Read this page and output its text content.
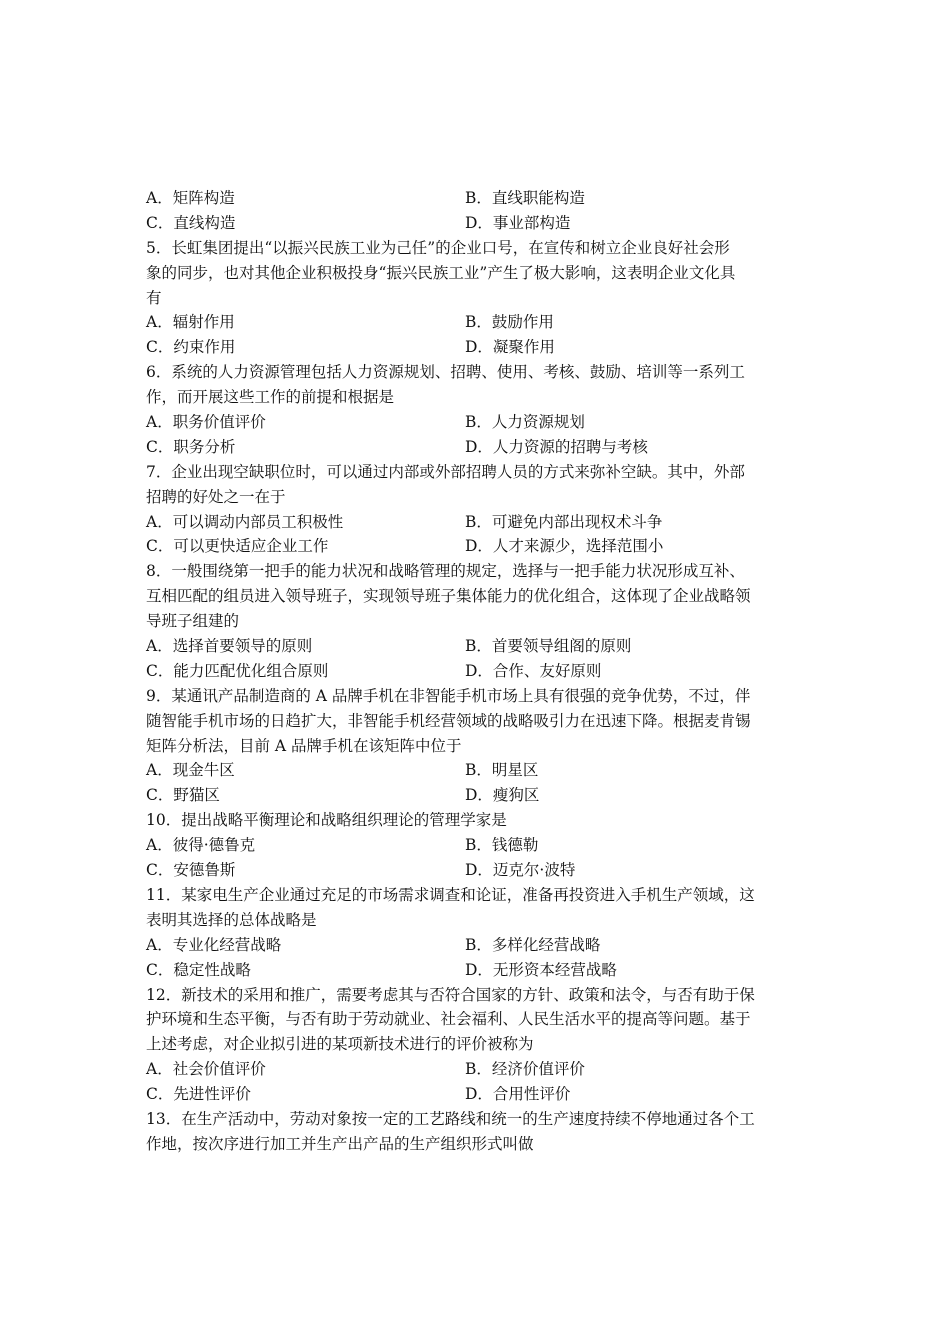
A．矩阵构造	B．直线职能构造
C．直线构造	D．事业部构造
5．长虹集团提出“以振兴民族工业为己任”的企业口号，在宣传和树立企业良好社会形
象的同步，也对其他企业积极投身“振兴民族工业”产生了极大影响，这表明企业文化具
有
A．辐射作用	B．鼓励作用
C．约束作用	D．凝聚作用
6．系统的人力资源管理包括人力资源规划、招聘、使用、考核、鼓励、培训等一系列工
作，而开展这些工作的前提和根据是
A．职务价值评价	B．人力资源规划
C．职务分析	D．人力资源的招聘与考核
7．企业出现空缺职位时，可以通过内部或外部招聘人员的方式来弥补空缺。其中，外部
招聘的好处之一在于
A．可以调动内部员工积极性	B．可避免内部出现权术斗争
C．可以更快适应企业工作	D．人才来源少，选择范围小
8．一般围绕第一把手的能力状况和战略管理的规定，选择与一把手能力状况形成互补、
互相匹配的组员进入领导班子，实现领导班子集体能力的优化组合，这体现了企业战略领
导班子组建的
A．选择首要领导的原则	B．首要领导组阁的原则
C．能力匹配优化组合原则	D．合作、友好原则
9．某通讯产品制造商的 A 品牌手机在非智能手机市场上具有很强的竞争优势，不过，伴
随智能手机市场的日趋扩大，非智能手机经营领域的战略吸引力在迅速下降。根据麦肯锡
矩阵分析法，目前 A 品牌手机在该矩阵中位于
A．现金牛区	B．明星区
C．野猫区	D．瘦狗区
10．提出战略平衡理论和战略组织理论的管理学家是
A．彼得·德鲁克	B．钱德勒
C．安德鲁斯	D．迈克尔·波特
11．某家电生产企业通过充足的市场需求调查和论证，准备再投资进入手机生产领域，这
表明其选择的总体战略是
A．专业化经营战略	B．多样化经营战略
C．稳定性战略	D．无形资本经营战略
12．新技术的采用和推广，需要考虑其与否符合国家的方针、政策和法令，与否有助于保
护环境和生态平衡，与否有助于劳动就业、社会福利、人民生活水平的提高等问题。基于
上述考虑，对企业拟引进的某项新技术进行的评价被称为
A．社会价值评价	B．经济价值评价
C．先进性评价	D．合用性评价
13．在生产活动中，劳动对象按一定的工艺路线和统一的生产速度持续不停地通过各个工
作地，按次序进行加工并生产出产品的生产组织形式叫做
